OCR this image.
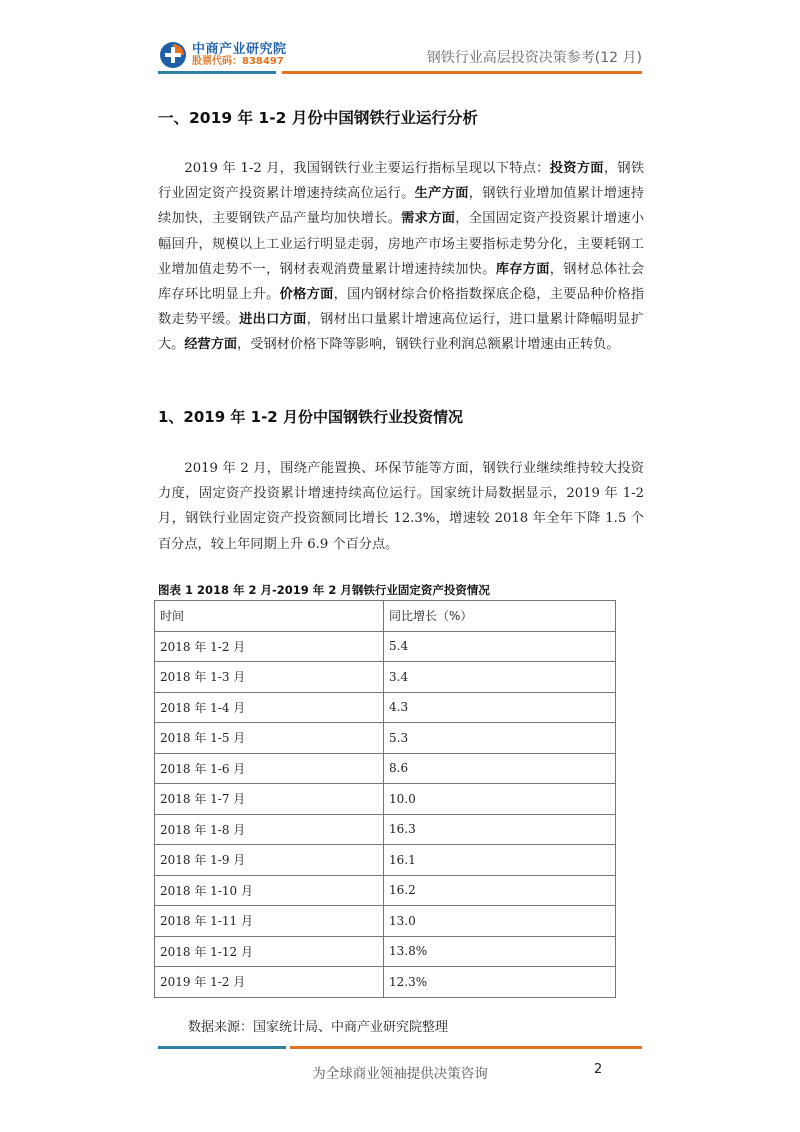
中商产业研究院
股票代码：838497	钢铁行业高层投资决策参考(12 月)
一、2019 年 1-2 月份中国钢铁行业运行分析

2019 年 1-2 月，我国钢铁行业主要运行指标呈现以下特点：投资方面，钢铁行业固定资产投资累计增速持续高位运行。生产方面，钢铁行业增加值累计增速持续加快，主要钢铁产品产量均加快增长。需求方面，全国固定资产投资累计增速小幅回升，规模以上工业运行明显走弱，房地产市场主要指标走势分化，主要耗钢工业增加值走势不一，钢材表观消费量累计增速持续加快。库存方面，钢材总体社会库存环比明显上升。价格方面，国内钢材综合价格指数探底企稳，主要品种价格指数走势平缓。进出口方面，钢材出口量累计增速高位运行，进口量累计降幅明显扩大。经营方面，受钢材价格下降等影响，钢铁行业利润总额累计增速由正转负。

1、2019 年 1-2 月份中国钢铁行业投资情况

2019 年 2 月，围绕产能置换、环保节能等方面，钢铁行业继续维持较大投资力度，固定资产投资累计增速持续高位运行。国家统计局数据显示，2019 年 1-2 月，钢铁行业固定资产投资额同比增长 12.3%，增速较 2018 年全年下降 1.5 个百分点，较上年同期上升 6.9 个百分点。

图表 1 2018 年 2 月-2019 年 2 月钢铁行业固定资产投资情况
时间	同比增长（%）
2018 年 1-2 月	5.4
2018 年 1-3 月	3.4
2018 年 1-4 月	4.3
2018 年 1-5 月	5.3
2018 年 1-6 月	8.6
2018 年 1-7 月	10.0
2018 年 1-8 月	16.3
2018 年 1-9 月	16.1
2018 年 1-10 月	16.2
2018 年 1-11 月	13.0
2018 年 1-12 月	13.8%
2019 年 1-2 月	12.3%
数据来源：国家统计局、中商产业研究院整理
为全球商业领袖提供决策咨询	2
